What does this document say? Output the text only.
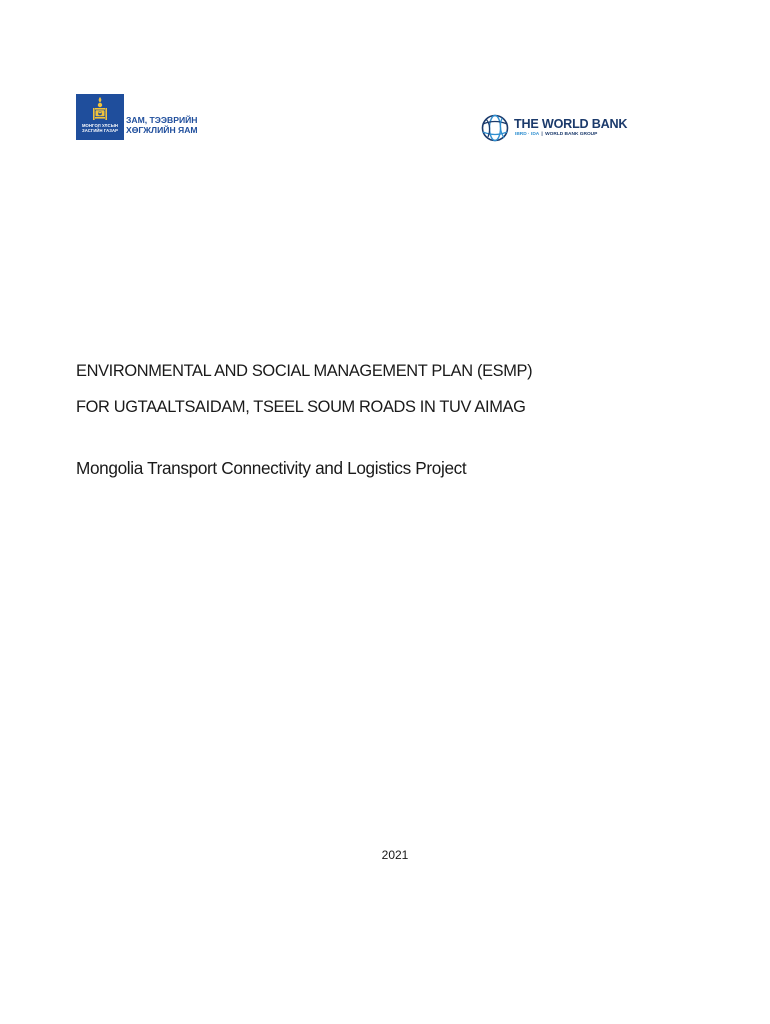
МОНГОЛ УЛСЫН ЗАСГИЙН ГАЗАР
ЗАМ, ТЭЭВРИЙН
ХӨГЖЛИЙН ЯАМ	THE WORLD BANK
IBRD · IDA | WORLD BANK GROUP
ENVIRONMENTAL AND SOCIAL MANAGEMENT PLAN (ESMP)
FOR UGTAALTSAIDAM, TSEEL SOUM ROADS IN TUV AIMAG
Mongolia Transport Connectivity and Logistics Project
2021
